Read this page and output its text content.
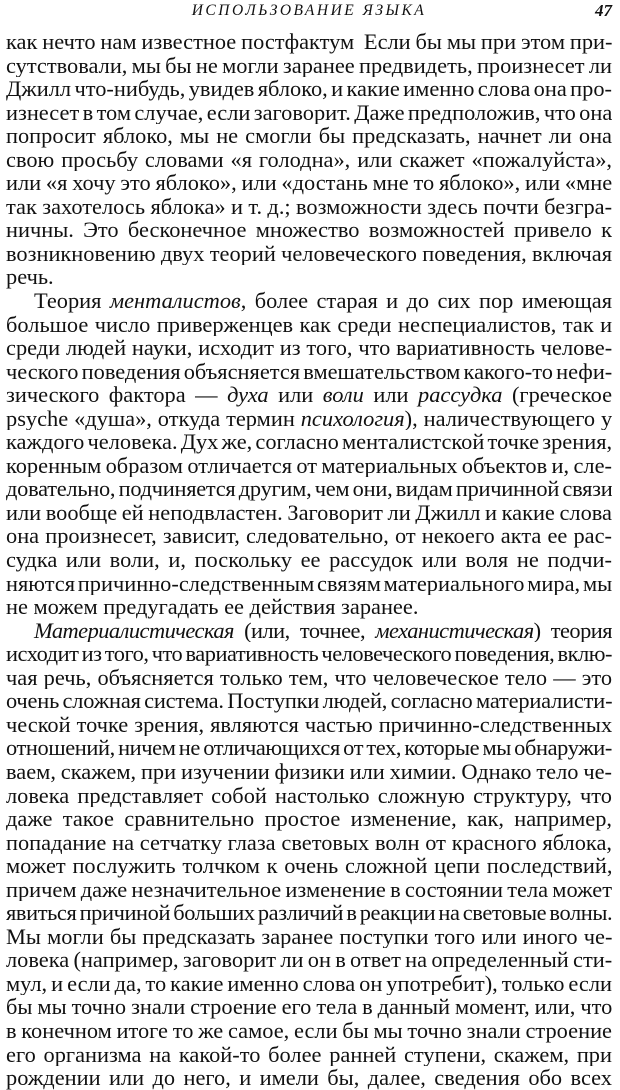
ИСПОЛЬЗОВАНИЕ ЯЗЫКА	47
как нечто нам известное постфактум  Если бы мы при этом при-
сутствовали, мы бы не могли заранее предвидеть, произнесет ли
Джилл что-нибудь, увидев яблоко, и какие именно слова она про-
изнесет в том случае, если заговорит. Даже предположив, что она
попросит яблоко, мы не смогли бы предсказать, начнет ли она
свою просьбу словами «я голодна», или скажет «пожалуйста»,
или «я хочу это яблоко», или «достань мне то яблоко», или «мне
так захотелось яблока» и т. д.; возможности здесь почти безгра-
ничны. Это бесконечное множество возможностей привело к
возникновению двух теорий человеческого поведения, включая
речь.
Теория менталистов, более старая и до сих пор имеющая
большое число приверженцев как среди неспециалистов, так и
среди людей науки, исходит из того, что вариативность челове-
ческого поведения объясняется вмешательством какого-то нефи-
зического фактора — духа или воли или рассудка (греческое
psyche «душа», откуда термин психология), наличествующего у
каждого человека. Дух же, согласно менталистской точке зрения,
коренным образом отличается от материальных объектов и, сле-
довательно, подчиняется другим, чем они, видам причинной связи
или вообще ей неподвластен. Заговорит ли Джилл и какие слова
она произнесет, зависит, следовательно, от некоего акта ее рас-
судка или воли, и, поскольку ее рассудок или воля не подчи-
няются причинно-следственным связям материального мира, мы
не можем предугадать ее действия заранее.
Материалистическая (или, точнее, механистическая) теория
исходит из того, что вариативность человеческого поведения, вклю-
чая речь, объясняется только тем, что человеческое тело — это
очень сложная система. Поступки людей, согласно материалисти-
ческой точке зрения, являются частью причинно-следственных
отношений, ничем не отличающихся от тех, которые мы обнаружи-
ваем, скажем, при изучении физики или химии. Однако тело че-
ловека представляет собой настолько сложную структуру, что
даже такое сравнительно простое изменение, как, например,
попадание на сетчатку глаза световых волн от красного яблока,
может послужить толчком к очень сложной цепи последствий,
причем даже незначительное изменение в состоянии тела может
явиться причиной больших различий в реакции на световые волны.
Мы могли бы предсказать заранее поступки того или иного че-
ловека (например, заговорит ли он в ответ на определенный сти-
мул, и если да, то какие именно слова он употребит), только если
бы мы точно знали строение его тела в данный момент, или, что
в конечном итоге то же самое, если бы мы точно знали строение
его организма на какой-то более ранней ступени, скажем, при
рождении или до него, и имели бы, далее, сведения обо всех
